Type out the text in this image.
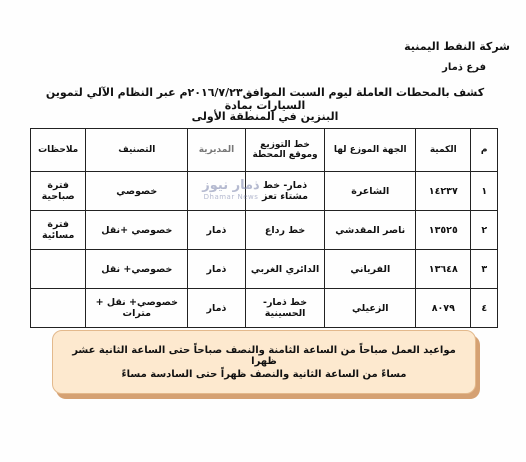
شركة النفط اليمنية
فرع ذمار
كشف بالمحطات العاملة ليوم السبت الموافق٢٠١٦/٧/٢٣م عبر النظام الآلي لتموين السيارات بمادة
البنزين في المنطقة الأولى
م	الكمية	الجهة الموزع لها	خط التوزيع وموقع المحطة	المديرية	التصنيف	ملاحظات
١	١٤٢٣٧	الشاعرة	ذمار- خط مشتاء تعز		خصوصي	فترة صباحية
٢	١٣٥٢٥	ناصر المقدشي	خط رداع	ذمار	خصوصي +نقل	فترة مسائية
٣	١٣٦٤٨	الفرياني	الدائري الغربي	ذمار	خصوصي+ نقل	
٤	٨٠٧٩	الزعيلي	خط ذمار- الحسينية	ذمار	خصوصي+ نقل + مترات	
ذمار نيوز
Dhamar News
مواعيد العمل صباحاً من الساعة الثامنة والنصف صباحاً حتى الساعة الثانية عشر ظهرا
مساءً من الساعة الثانية والنصف ظهراً حتى السادسة مساءً
